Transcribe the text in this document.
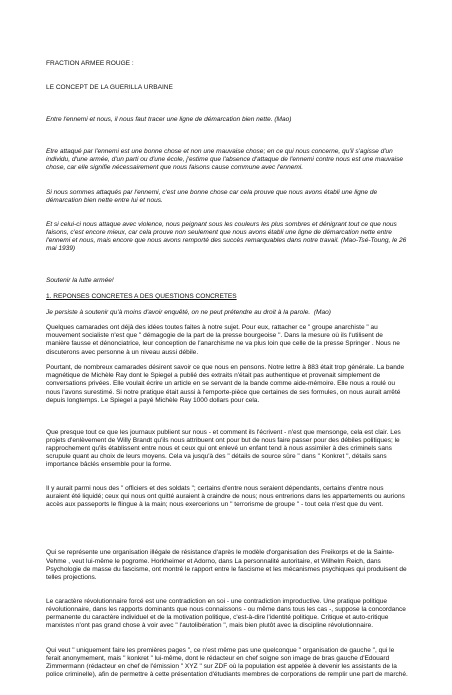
FRACTION ARMEE ROUGE :

LE CONCEPT DE LA GUERILLA URBAINE

Entre l'ennemi et nous, il nous faut tracer une ligne de démarcation bien nette. (Mao)

Etre attaqué par l'ennemi est une bonne chose et non une mauvaise chose; en ce qui nous concerne, qu'il s'agisse d'un individu, d'une armée, d'un parti ou d'une école, j'estime que l'absence d'attaque de l'ennemi contre nous est une mauvaise chose, car elle signifie nécessairement que nous faisons cause commune avec l'ennemi.

Si nous sommes attaqués par l'ennemi, c'est une bonne chose car cela prouve que nous avons établi une ligne de démarcation bien nette entre lui et nous.

Et si celui-ci nous attaque avec violence, nous peignant sous les couleurs les plus sombres et dénigrant tout ce que nous faisons, c'est encore mieux, car cela prouve non seulement que nous avons établi une ligne de démarcation nette entre l'ennemi et nous, mais encore que nous avons remporté des succès remarquables dans notre travail. (Mao-Tsé-Toung, le 26 mai 1939)

Soutenir la lutte armée!

1. REPONSES CONCRETES A DES QUESTIONS CONCRETES

Je persiste à soutenir qu'à moins d'avoir enquêté, on ne peut prétendre au droit à la parole.  (Mao)

Quelques camarades ont déjà des idées toutes faites à notre sujet. Pour eux, rattacher ce " groupe anarchiste " au mouvement socialiste n'est que " démagogie de la part de la presse bourgeoise ". Dans la mesure où ils l'utilisent de manière fausse et dénonciatrice, leur conception de l'anarchisme ne va plus loin que celle de la presse Springer . Nous ne discuterons avec personne à un niveau aussi débile.

Pourtant, de nombreux camarades désirent savoir ce que nous en pensons. Notre lettre à 883 était trop générale. La bande magnétique de Michèle Ray dont le Spiegel a publié des extraits n'était pas authentique et provenait simplement de conversations privées. Elle voulait écrire un article en se servant de la bande comme aide-mémoire. Elle nous a roulé ou nous l'avons surestimé. Si notre pratique était aussi à l'emporte-pièce que certaines de ses formules, on nous aurait arrêté depuis longtemps. Le Spiegel a payé Michèle Ray 1000 dollars pour cela.

Que presque tout ce que les journaux publient sur nous - et comment ils l'écrivent - n'est que mensonge, cela est clair. Les projets d'enlèvement de Willy Brandt qu'ils nous attribuent ont pour but de nous faire passer pour des débiles politiques; le rapprochement qu'ils établissent entre nous et ceux qui ont enlevé un enfant tend à nous assimiler à des criminels sans scrupule quant au choix de leurs moyens. Cela va jusqu'à des " détails de source sûre " dans " Konkret ", détails sans importance bâclés ensemble pour la forme.

Il y aurait parmi nous des " officiers et des soldats "; certains d'entre nous seraient dépendants, certains d'entre nous auraient été liquidé; ceux qui nous ont quitté auraient à craindre de nous; nous entrerions dans les appartements ou aurions accès aux passeports le flingue à la main; nous exercerions un " terrorisme de groupe " - tout cela n'est que du vent.

Qui se représente une organisation illégale de résistance d'après le modèle d'organisation des Freikorps et de la Sainte-Vehme , veut lui-même le pogrome. Horkheimer et Adorno, dans La personnalité autoritaire, et Wilhelm Reich, dans Psychologie de masse du fascisme, ont montré le rapport entre le fascisme et les mécanismes psychiques qui produisent de telles projections.

Le caractère révolutionnaire forcé est une contradiction en soi - une contradiction improductive. Une pratique politique révolutionnaire, dans les rapports dominants que nous connaissons - ou même dans tous les cas -, suppose la concordance permanente du caractère individuel et de la motivation politique, c'est-à-dire l'identité politique. Critique et auto-critique marxistes n'ont pas grand chose à voir avec " l'autolibération ", mais bien plutôt avec la discipline révolutionnaire.

Qui veut " uniquement faire les premières pages ", ce n'est même pas une quelconque " organisation de gauche ", qui le ferait anonymement, mais " konkret " lui-même, dont le rédacteur en chef soigne son image de bras gauche d'Edouard Zimmermann (rédacteur en chef de l'émission " XYZ " sur ZDF où la population est appelée à devenir les assistants de la police criminelle), afin de permettre à cette présentation d'étudiants membres de corporations de remplir une part de marché.
